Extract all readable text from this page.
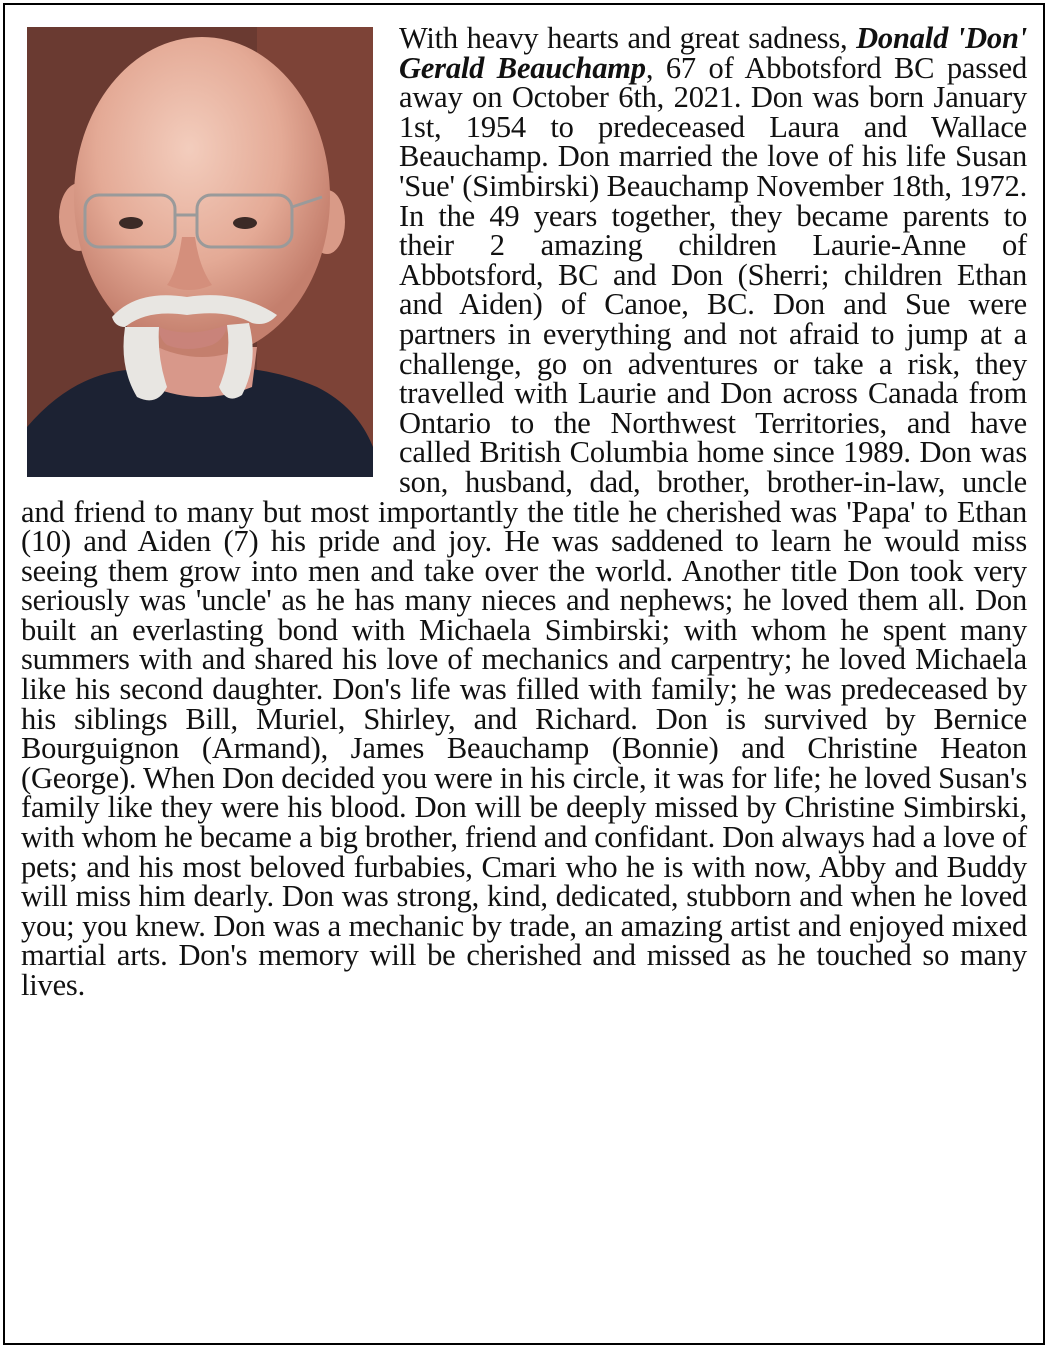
With heavy hearts and great sadness, Donald 'Don' Gerald Beauchamp, 67 of Abbotsford BC passed away on October 6th, 2021. Don was born January 1st, 1954 to predeceased Laura and Wallace Beauchamp. Don married the love of his life Susan 'Sue' (Simbirski) Beauchamp November 18th, 1972. In the 49 years together, they became parents to their 2 amazing children Laurie-Anne of Abbotsford, BC and Don (Sherri; children Ethan and Aiden) of Canoe, BC. Don and Sue were partners in everything and not afraid to jump at a challenge, go on adventures or take a risk, they travelled with Laurie and Don across Canada from Ontario to the Northwest Territories, and have called British Columbia home since 1989. Don was son, husband, dad, brother, brother-in-law, uncle and friend to many but most importantly the title he cherished was 'Papa' to Ethan (10) and Aiden (7) his pride and joy. He was saddened to learn he would miss seeing them grow into men and take over the world. Another title Don took very seriously was 'uncle' as he has many nieces and nephews; he loved them all. Don built an everlasting bond with Michaela Simbirski; with whom he spent many summers with and shared his love of mechanics and carpentry; he loved Michaela like his second daughter. Don's life was filled with family; he was predeceased by his siblings Bill, Muriel, Shirley, and Richard. Don is survived by Bernice Bourguignon (Armand), James Beauchamp (Bonnie) and Christine Heaton (George). When Don decided you were in his circle, it was for life; he loved Susan's family like they were his blood. Don will be deeply missed by Christine Simbirski, with whom he became a big brother, friend and confidant. Don always had a love of pets; and his most beloved furbabies, Cmari who he is with now, Abby and Buddy will miss him dearly. Don was strong, kind, dedicated, stubborn and when he loved you; you knew. Don was a mechanic by trade, an amazing artist and enjoyed mixed martial arts. Don's memory will be cherished and missed as he touched so many lives.
